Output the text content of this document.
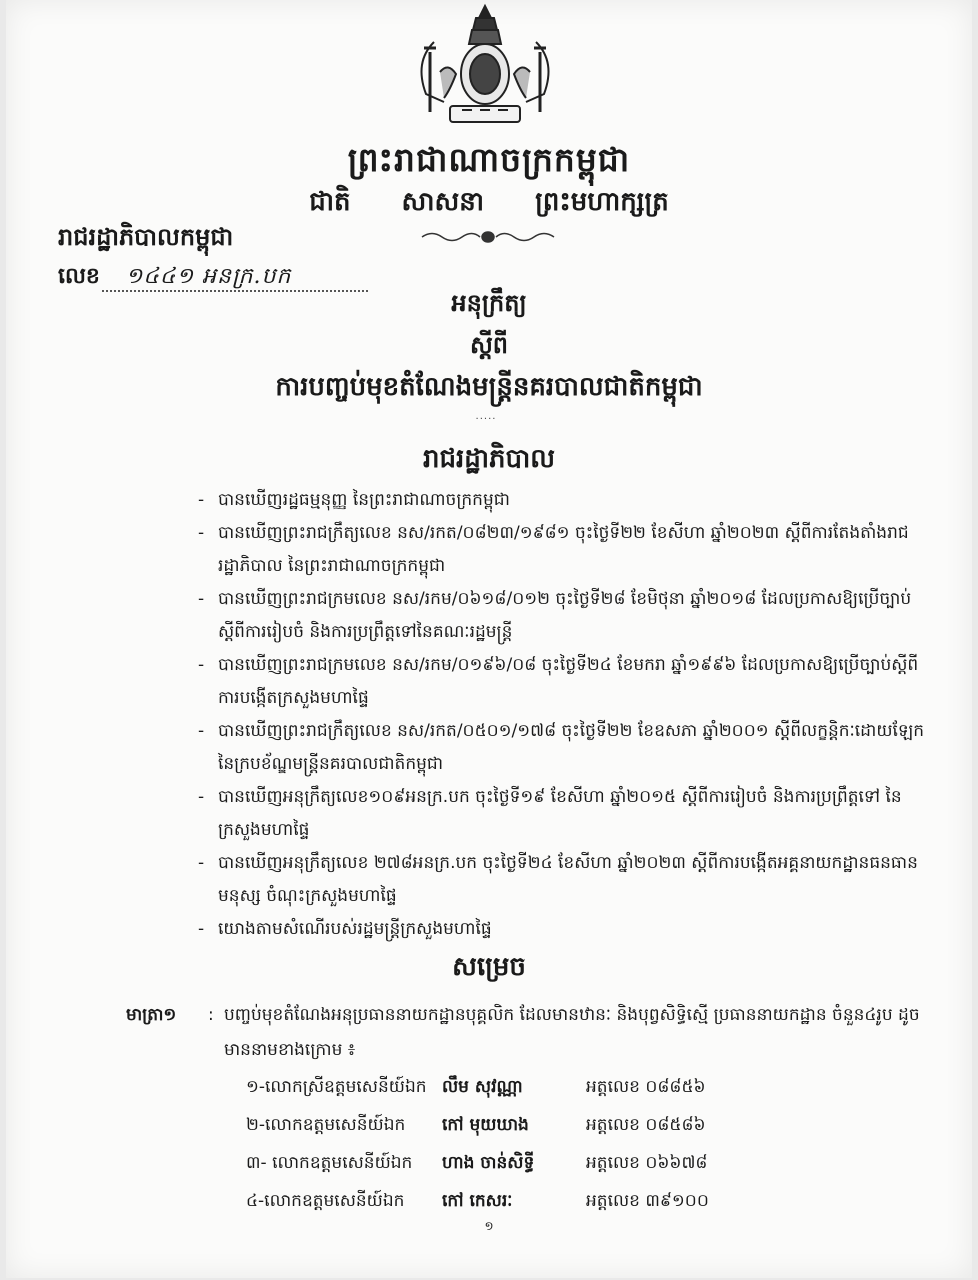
ព្រះរាជាណាចក្រកម្ពុជា
ជាតិ សាសនា ព្រះមហាក្សត្រ
រាជរដ្ឋាភិបាលកម្ពុជា
លេខ ១៤៤១ អនក្រ.បក
អនុក្រឹត្យ
ស្តីពី
ការបញ្ចប់មុខតំណែងមន្ត្រីនគរបាលជាតិកម្ពុជា
·····
រាជរដ្ឋាភិបាល
- បានឃើញរដ្ឋធម្មនុញ្ញ នៃព្រះរាជាណាចក្រកម្ពុជា
- បានឃើញព្រះរាជក្រឹត្យលេខ នស/រកត/០៨២៣/១៩៨១ ចុះថ្ងៃទី២២ ខែសីហា ឆ្នាំ២០២៣ ស្តីពីការតែងតាំងរាជរដ្ឋាភិបាល នៃព្រះរាជាណាចក្រកម្ពុជា
- បានឃើញព្រះរាជក្រមលេខ នស/រកម/០៦១៨/០១២ ចុះថ្ងៃទី២៨ ខែមិថុនា ឆ្នាំ២០១៨ ដែលប្រកាសឱ្យប្រើច្បាប់ស្តីពីការរៀបចំ និងការប្រព្រឹត្តទៅនៃគណៈរដ្ឋមន្ត្រី
- បានឃើញព្រះរាជក្រមលេខ នស/រកម/០១៩៦/០៨ ចុះថ្ងៃទី២៤ ខែមករា ឆ្នាំ១៩៩៦ ដែលប្រកាសឱ្យប្រើច្បាប់ស្តីពីការបង្កើតក្រសួងមហាផ្ទៃ
- បានឃើញព្រះរាជក្រឹត្យលេខ នស/រកត/០៥០១/១៧៨ ចុះថ្ងៃទី២២ ខែឧសភា ឆ្នាំ២០០១ ស្តីពីលក្ខន្តិកៈដោយឡែក នៃក្របខ័ណ្ឌមន្ត្រីនគរបាលជាតិកម្ពុជា
- បានឃើញអនុក្រឹត្យលេខ១០៩អនក្រ.បក ចុះថ្ងៃទី១៩ ខែសីហា ឆ្នាំ២០១៥ ស្តីពីការរៀបចំ និងការប្រព្រឹត្តទៅ នៃក្រសួងមហាផ្ទៃ
- បានឃើញអនុក្រឹត្យលេខ ២៧៨អនក្រ.បក ចុះថ្ងៃទី២៤ ខែសីហា ឆ្នាំ២០២៣ ស្តីពីការបង្កើតអគ្គនាយកដ្ឋានធនធានមនុស្ស ចំណុះក្រសួងមហាផ្ទៃ
- យោងតាមសំណើរបស់រដ្ឋមន្ត្រីក្រសួងមហាផ្ទៃ
សម្រេច
មាត្រា១ : បញ្ចប់មុខតំណែងអនុប្រធាននាយកដ្ឋានបុគ្គលិក ដែលមានឋានៈ និងបុព្វសិទ្ធិស្មើ ប្រធាននាយកដ្ឋាន ចំនួន៤រូប ដូចមាននាមខាងក្រោម ៖
១-លោកស្រីឧត្តមសេនីយ៍ឯក លឹម សុវណ្ណា	អត្តលេខ ០៨៨៥៦
២-លោកឧត្តមសេនីយ៍ឯក កៅ មុយឃាង	អត្តលេខ ០៨៥៨៦
៣- លោកឧត្តមសេនីយ៍ឯក ហាង ចាន់សិទ្ធី	អត្តលេខ ០៦៦៧៨
៤-លោកឧត្តមសេនីយ៍ឯក កៅ កេសរៈ	អត្តលេខ ៣៩១០០
១
